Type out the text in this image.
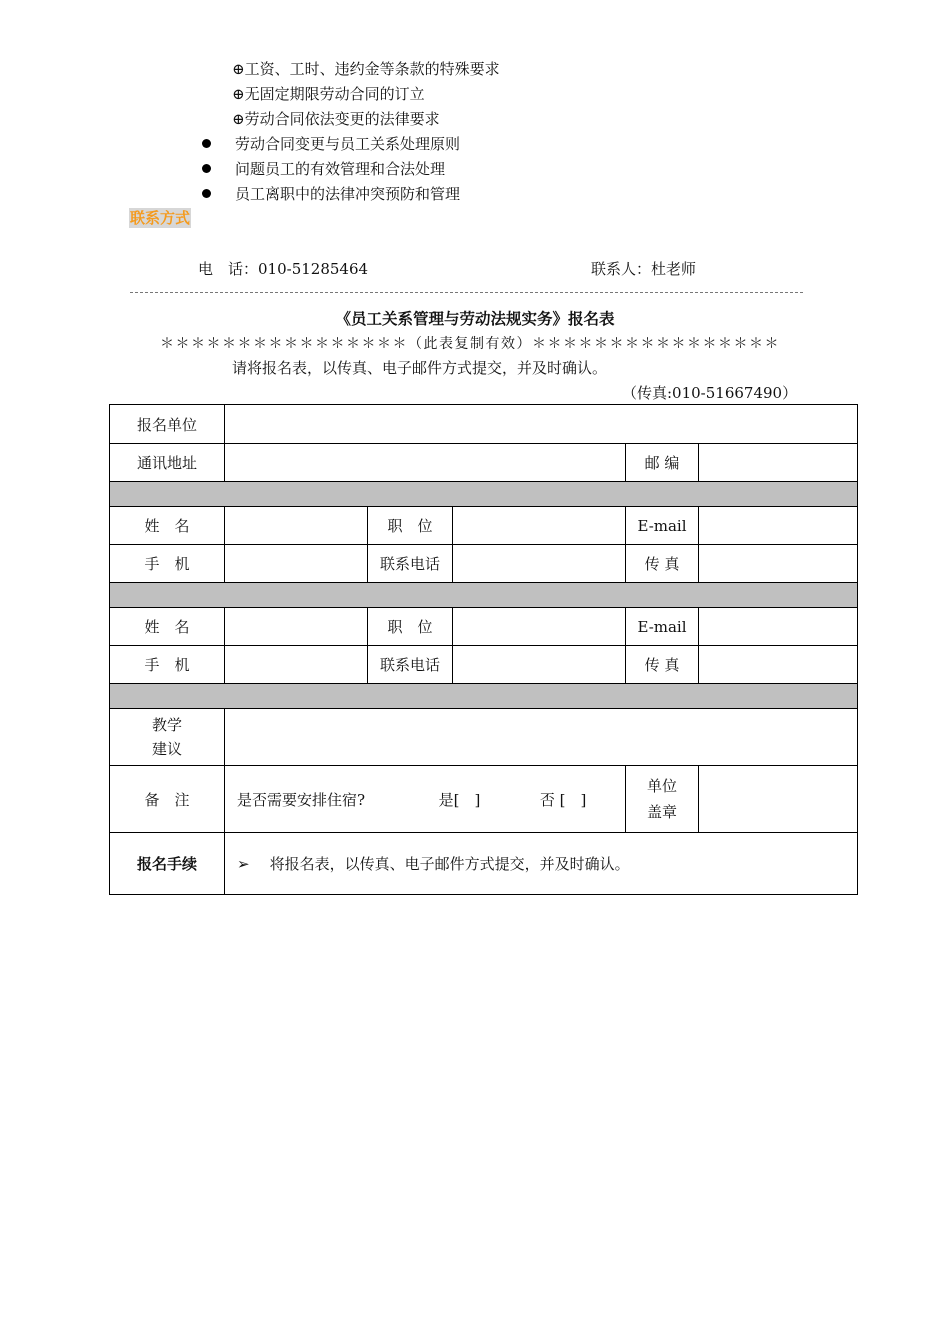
⊕工资、工时、违约金等条款的特殊要求
⊕无固定期限劳动合同的订立
⊕劳动合同依法变更的法律要求
劳动合同变更与员工关系处理原则
问题员工的有效管理和合法处理
员工离职中的法律冲突预防和管理
联系方式
电　话：010-51285464	联系人：杜老师
《员工关系管理与劳动法规实务》报名表
＊＊＊＊＊＊＊＊＊＊＊＊＊＊＊＊（此表复制有效）＊＊＊＊＊＊＊＊＊＊＊＊＊＊＊＊
请将报名表，以传真、电子邮件方式提交，并及时确认。
（传真:010-51667490）
报名单位					
通讯地址				邮 编	

姓　名		职　位		E-mail	
手　机		联系电话		传 真	

姓　名		职　位		E-mail	
手　机		联系电话		传 真	

教学
建议					

备　注	是否需要安排住宿? 是[　] 否 [　]			单位
盖章	

报名手续	➢ 将报名表，以传真、电子邮件方式提交，并及时确认。				
